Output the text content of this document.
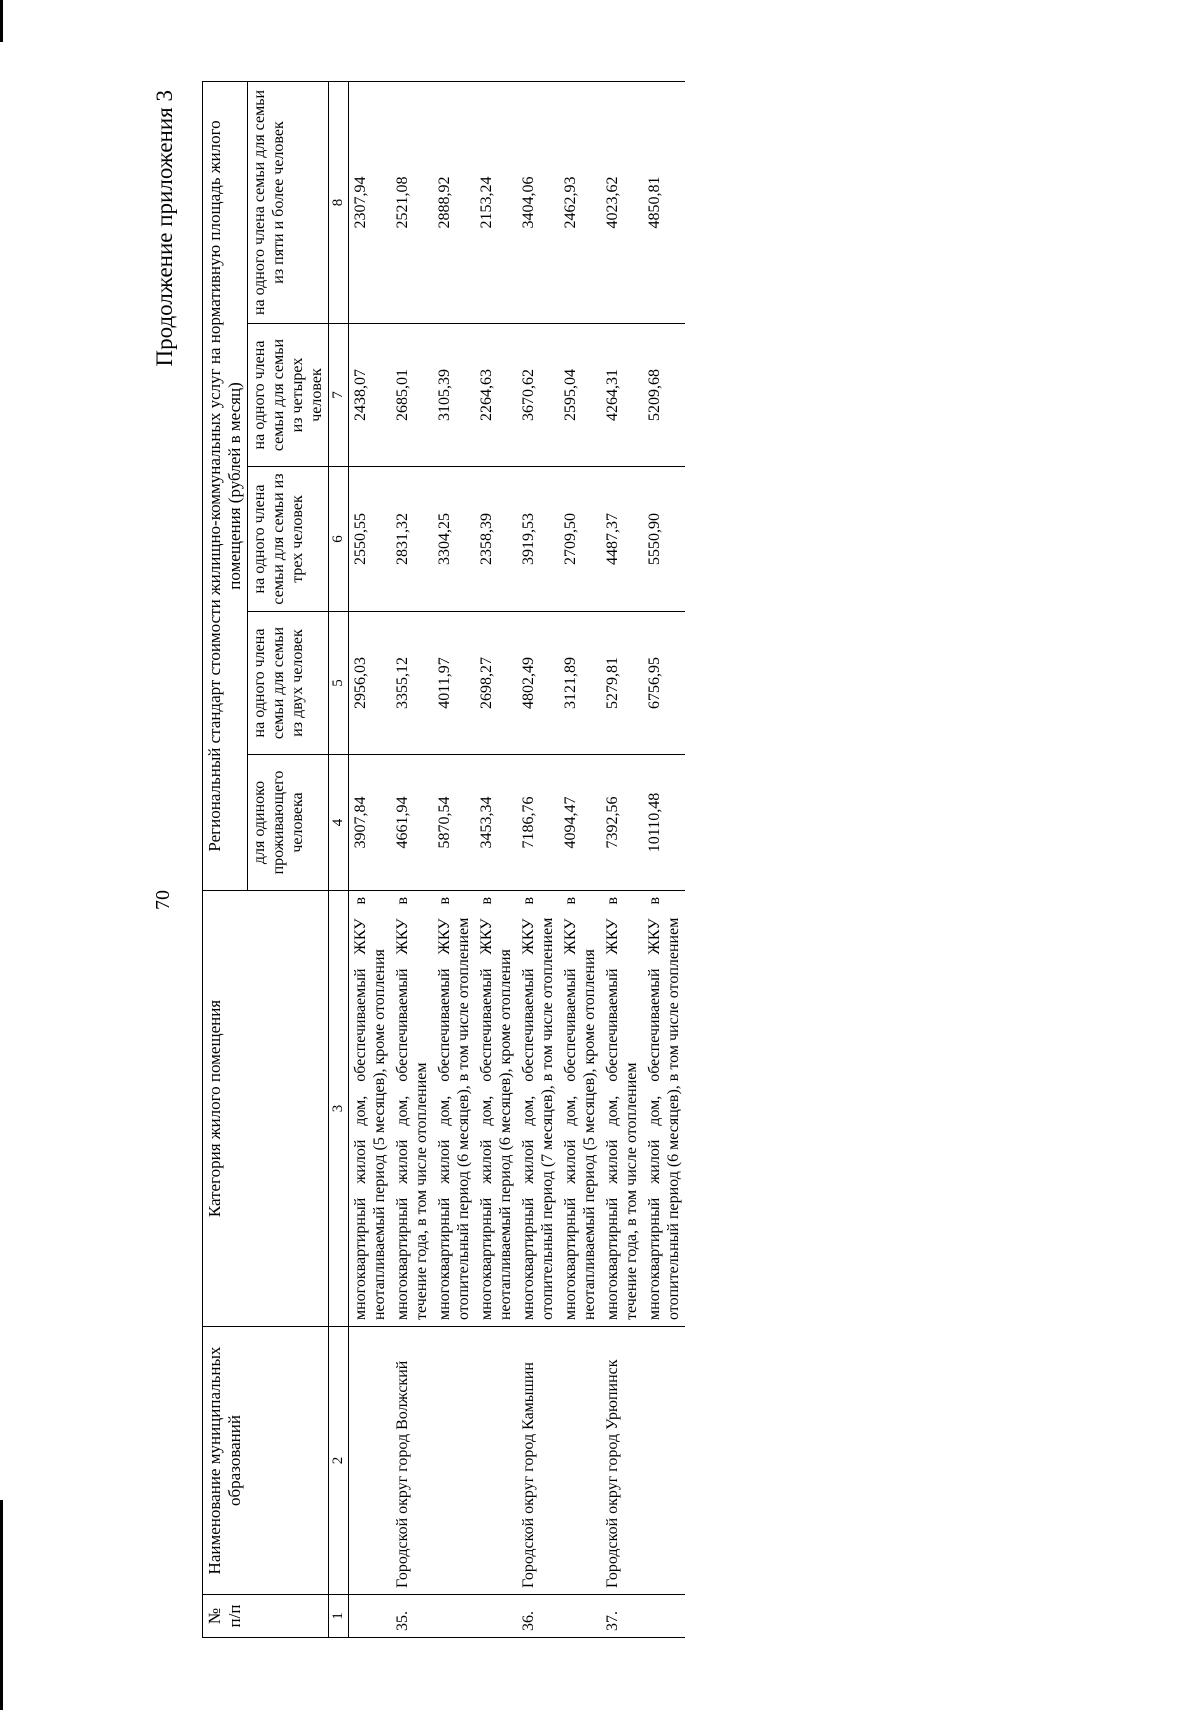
70
Продолжение приложения 3
№ п/п	Наименование муниципальных образований	Категория жилого помещения	Региональный стандарт стоимости жилищно-коммунальных услуг на нормативную площадь жилого помещения (рублей в месяц)				
			для одиноко проживающего человека	на одного члена семьи для семьи из двух человек	на одного члена семьи для семьи из трех человек	на одного члена семьи для семьи из четырех человек	на одного члена семьи для семьи из пяти и более человек
1	2	3	4	5	6	7	8
		многоквартирный жилой дом, обеспечиваемый ЖКУ в неотапливаемый период (5 месяцев), кроме отопления	3907,84	2956,03	2550,55	2438,07	2307,94
35.	Городской округ город Волжский	многоквартирный жилой дом, обеспечиваемый ЖКУ в течение года, в том числе отоплением	4661,94	3355,12	2831,32	2685,01	2521,08
		многоквартирный жилой дом, обеспечиваемый ЖКУ в отопительный период (6 месяцев), в том числе отоплением	5870,54	4011,97	3304,25	3105,39	2888,92
		многоквартирный жилой дом, обеспечиваемый ЖКУ в неотапливаемый период (6 месяцев), кроме отопления	3453,34	2698,27	2358,39	2264,63	2153,24
36.	Городской округ город Камышин	многоквартирный жилой дом, обеспечиваемый ЖКУ в отопительный период (7 месяцев), в том числе отоплением	7186,76	4802,49	3919,53	3670,62	3404,06
		многоквартирный жилой дом, обеспечиваемый ЖКУ в неотапливаемый период (5 месяцев), кроме отопления	4094,47	3121,89	2709,50	2595,04	2462,93
37.	Городской округ город Урюпинск	многоквартирный жилой дом, обеспечиваемый ЖКУ в течение года, в том числе отоплением	7392,56	5279,81	4487,37	4264,31	4023,62
		многоквартирный жилой дом, обеспечиваемый ЖКУ в отопительный период (6 месяцев), в том числе отоплением	10110,48	6756,95	5550,90	5209,68	4850,81
